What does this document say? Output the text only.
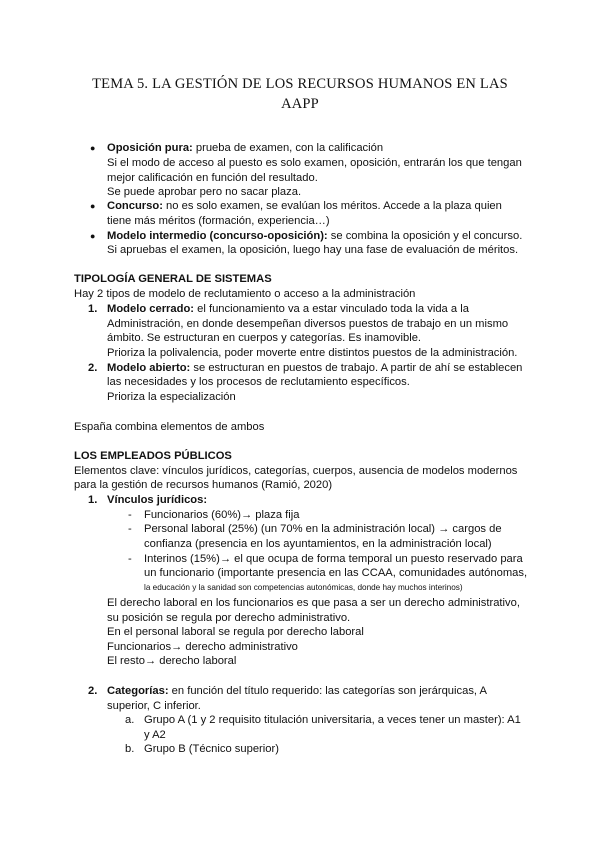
TEMA 5. LA GESTIÓN DE LOS RECURSOS HUMANOS EN LAS
AAPP
● Oposición pura: prueba de examen, con la calificación
Si el modo de acceso al puesto es solo examen, oposición, entrarán los que tengan
mejor calificación en función del resultado.
Se puede aprobar pero no sacar plaza.
● Concurso: no es solo examen, se evalúan los méritos. Accede a la plaza quien
tiene más méritos (formación, experiencia…)
● Modelo intermedio (concurso-oposición): se combina la oposición y el concurso.
Si apruebas el examen, la oposición, luego hay una fase de evaluación de méritos.
TIPOLOGÍA GENERAL DE SISTEMAS
Hay 2 tipos de modelo de reclutamiento o acceso a la administración
1. Modelo cerrado: el funcionamiento va a estar vinculado toda la vida a la
Administración, en donde desempeñan diversos puestos de trabajo en un mismo
ámbito. Se estructuran en cuerpos y categorías. Es inamovible.
Prioriza la polivalencia, poder moverte entre distintos puestos de la administración.
2. Modelo abierto: se estructuran en puestos de trabajo. A partir de ahí se establecen
las necesidades y los procesos de reclutamiento específicos.
Prioriza la especialización
España combina elementos de ambos
LOS EMPLEADOS PÚBLICOS
Elementos clave: vínculos jurídicos, categorías, cuerpos, ausencia de modelos modernos
para la gestión de recursos humanos (Ramió, 2020)
1. Vínculos jurídicos:
- Funcionarios (60%)→ plaza fija
- Personal laboral (25%) (un 70% en la administración local) → cargos de
confianza (presencia en los ayuntamientos, en la administración local)
- Interinos (15%)→ el que ocupa de forma temporal un puesto reservado para
un funcionario (importante presencia en las CCAA, comunidades autónomas,
la educación y la sanidad son competencias autonómicas, donde hay muchos interinos)
El derecho laboral en los funcionarios es que pasa a ser un derecho administrativo,
su posición se regula por derecho administrativo.
En el personal laboral se regula por derecho laboral
Funcionarios→ derecho administrativo
El resto→ derecho laboral
2. Categorías: en función del título requerido: las categorías son jerárquicas, A
superior, C inferior.
a. Grupo A (1 y 2 requisito titulación universitaria, a veces tener un master): A1
y A2
b. Grupo B (Técnico superior)
